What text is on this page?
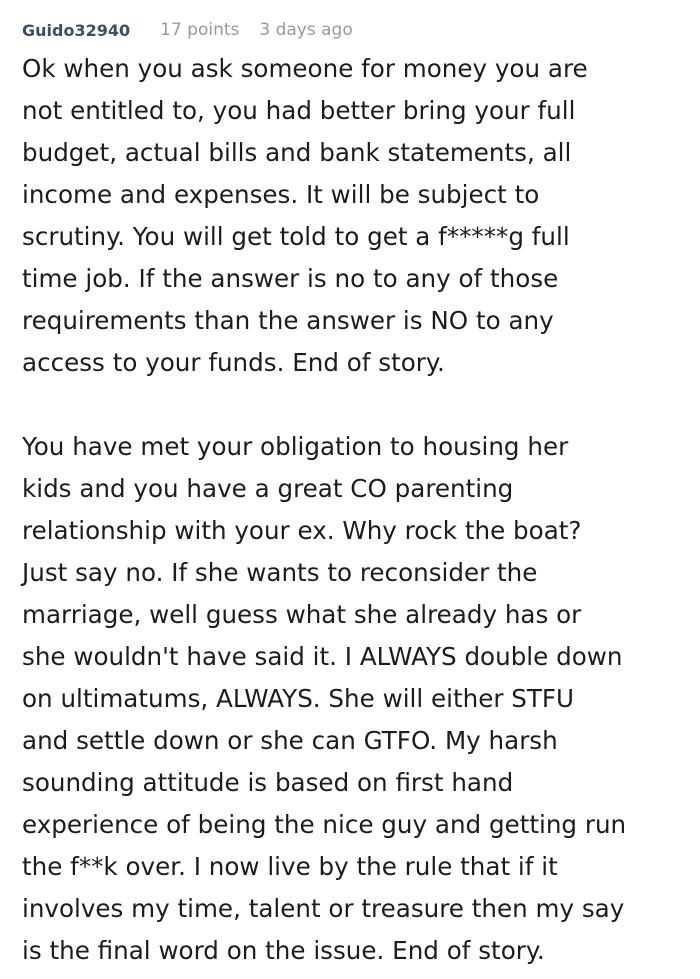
Guido32940 17 points 3 days ago

Ok when you ask someone for money you are
not entitled to, you had better bring your full
budget, actual bills and bank statements, all
income and expenses. It will be subject to
scrutiny. You will get told to get a f*****g full
time job. If the answer is no to any of those
requirements than the answer is NO to any
access to your funds. End of story.

You have met your obligation to housing her
kids and you have a great CO parenting
relationship with your ex. Why rock the boat?
Just say no. If she wants to reconsider the
marriage, well guess what she already has or
she wouldn't have said it. I ALWAYS double down
on ultimatums, ALWAYS. She will either STFU
and settle down or she can GTFO. My harsh
sounding attitude is based on first hand
experience of being the nice guy and getting run
the f**k over. I now live by the rule that if it
involves my time, talent or treasure then my say
is the final word on the issue. End of story.
